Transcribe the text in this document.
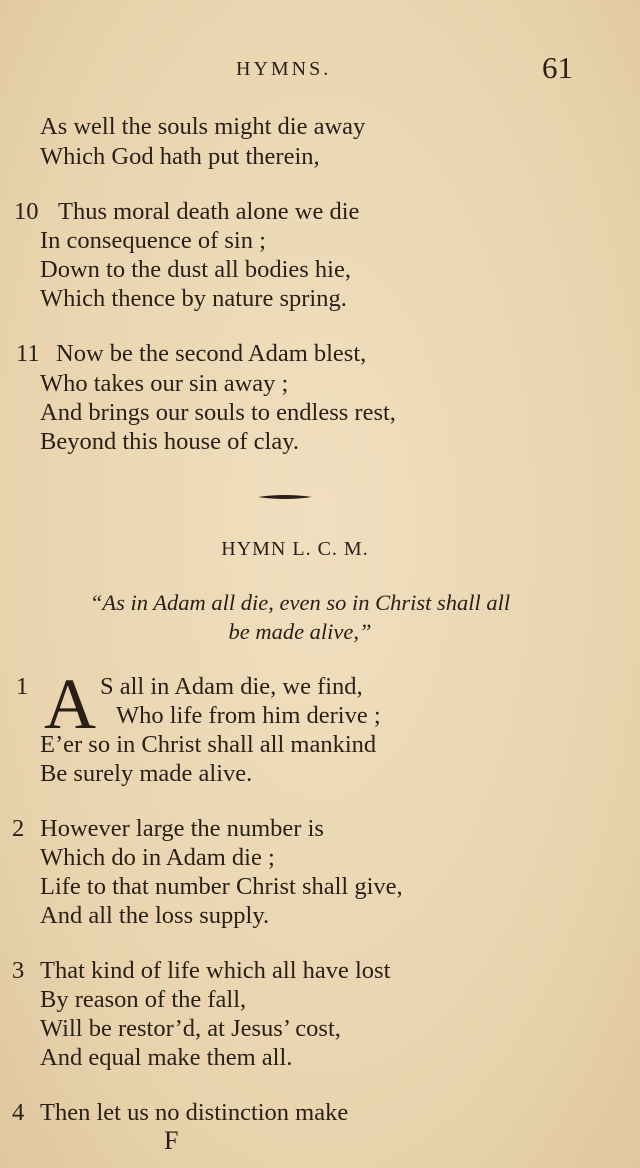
HYMNS.	61
As well the souls might die away
Which God hath put therein,
10 Thus moral death alone we die
In consequence of sin ;
Down to the dust all bodies hie,
Which thence by nature spring.
11 Now be the second Adam blest,
Who takes our sin away ;
And brings our souls to endless rest,
Beyond this house of clay.
HYMN L. C. M.
“As in Adam all die, even so in Christ shall all
be made alive,”
1 A S all in Adam die, we find,
Who life from him derive ;
E’er so in Christ shall all mankind
Be surely made alive.
2 However large the number is
Which do in Adam die ;
Life to that number Christ shall give,
And all the loss supply.
3 That kind of life which all have lost
By reason of the fall,
Will be restor’d, at Jesus’ cost,
And equal make them all.
4 Then let us no distinction make
F
